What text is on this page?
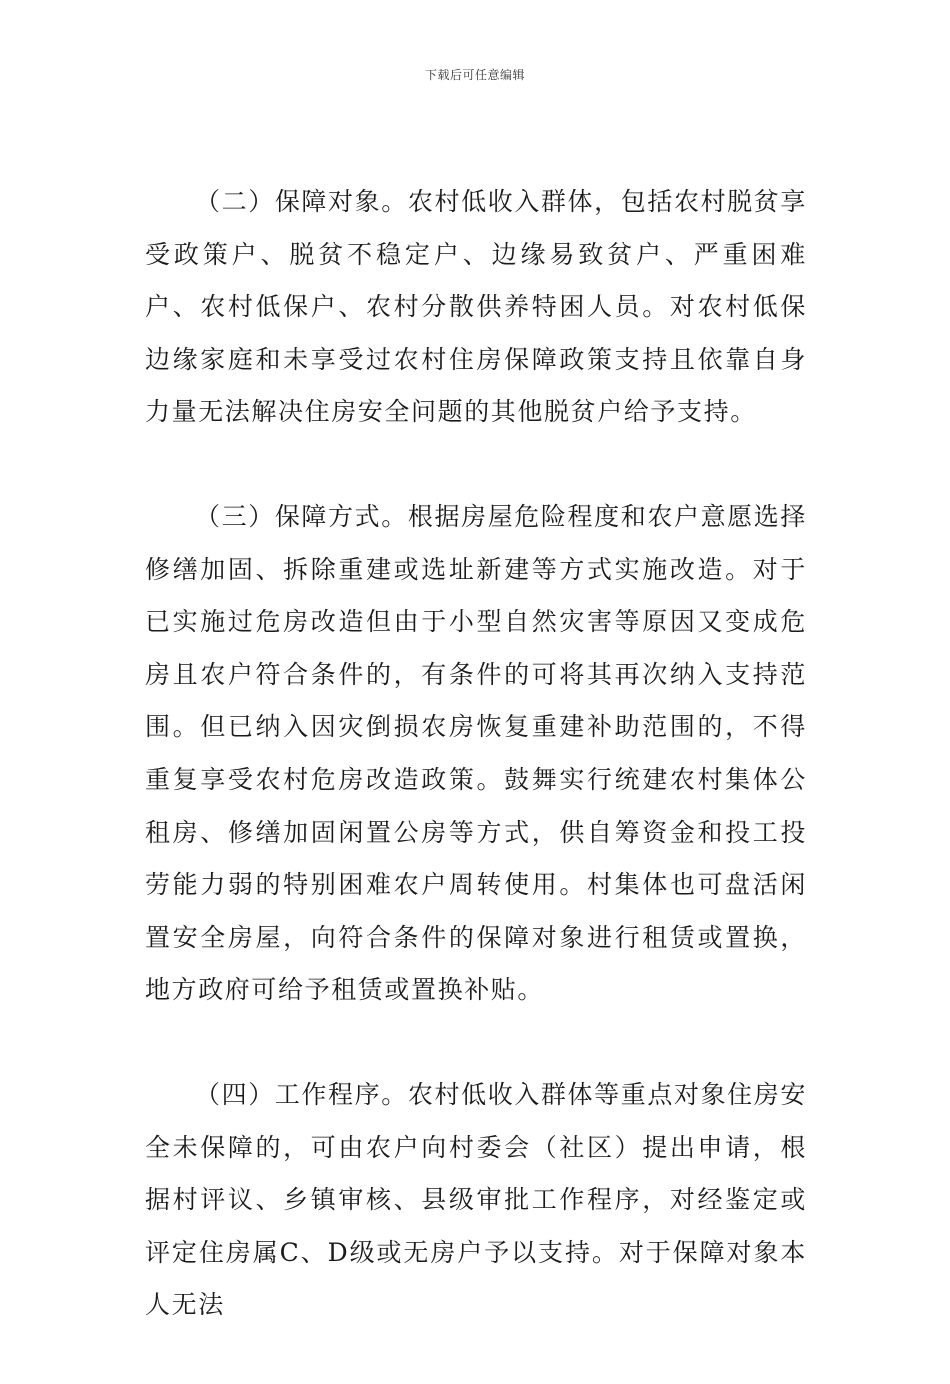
下载后可任意编辑

（二）保障对象。农村低收入群体，包括农村脱贫享受政策户、脱贫不稳定户、边缘易致贫户、严重困难户、农村低保户、农村分散供养特困人员。对农村低保边缘家庭和未享受过农村住房保障政策支持且依靠自身力量无法解决住房安全问题的其他脱贫户给予支持。

（三）保障方式。根据房屋危险程度和农户意愿选择修缮加固、拆除重建或选址新建等方式实施改造。对于已实施过危房改造但由于小型自然灾害等原因又变成危房且农户符合条件的，有条件的可将其再次纳入支持范围。但已纳入因灾倒损农房恢复重建补助范围的，不得重复享受农村危房改造政策。鼓舞实行统建农村集体公租房、修缮加固闲置公房等方式，供自筹资金和投工投劳能力弱的特别困难农户周转使用。村集体也可盘活闲置安全房屋，向符合条件的保障对象进行租赁或置换，地方政府可给予租赁或置换补贴。

（四）工作程序。农村低收入群体等重点对象住房安全未保障的，可由农户向村委会（社区）提出申请，根据村评议、乡镇审核、县级审批工作程序，对经鉴定或评定住房属C、D级或无房户予以支持。对于保障对象本人无法
